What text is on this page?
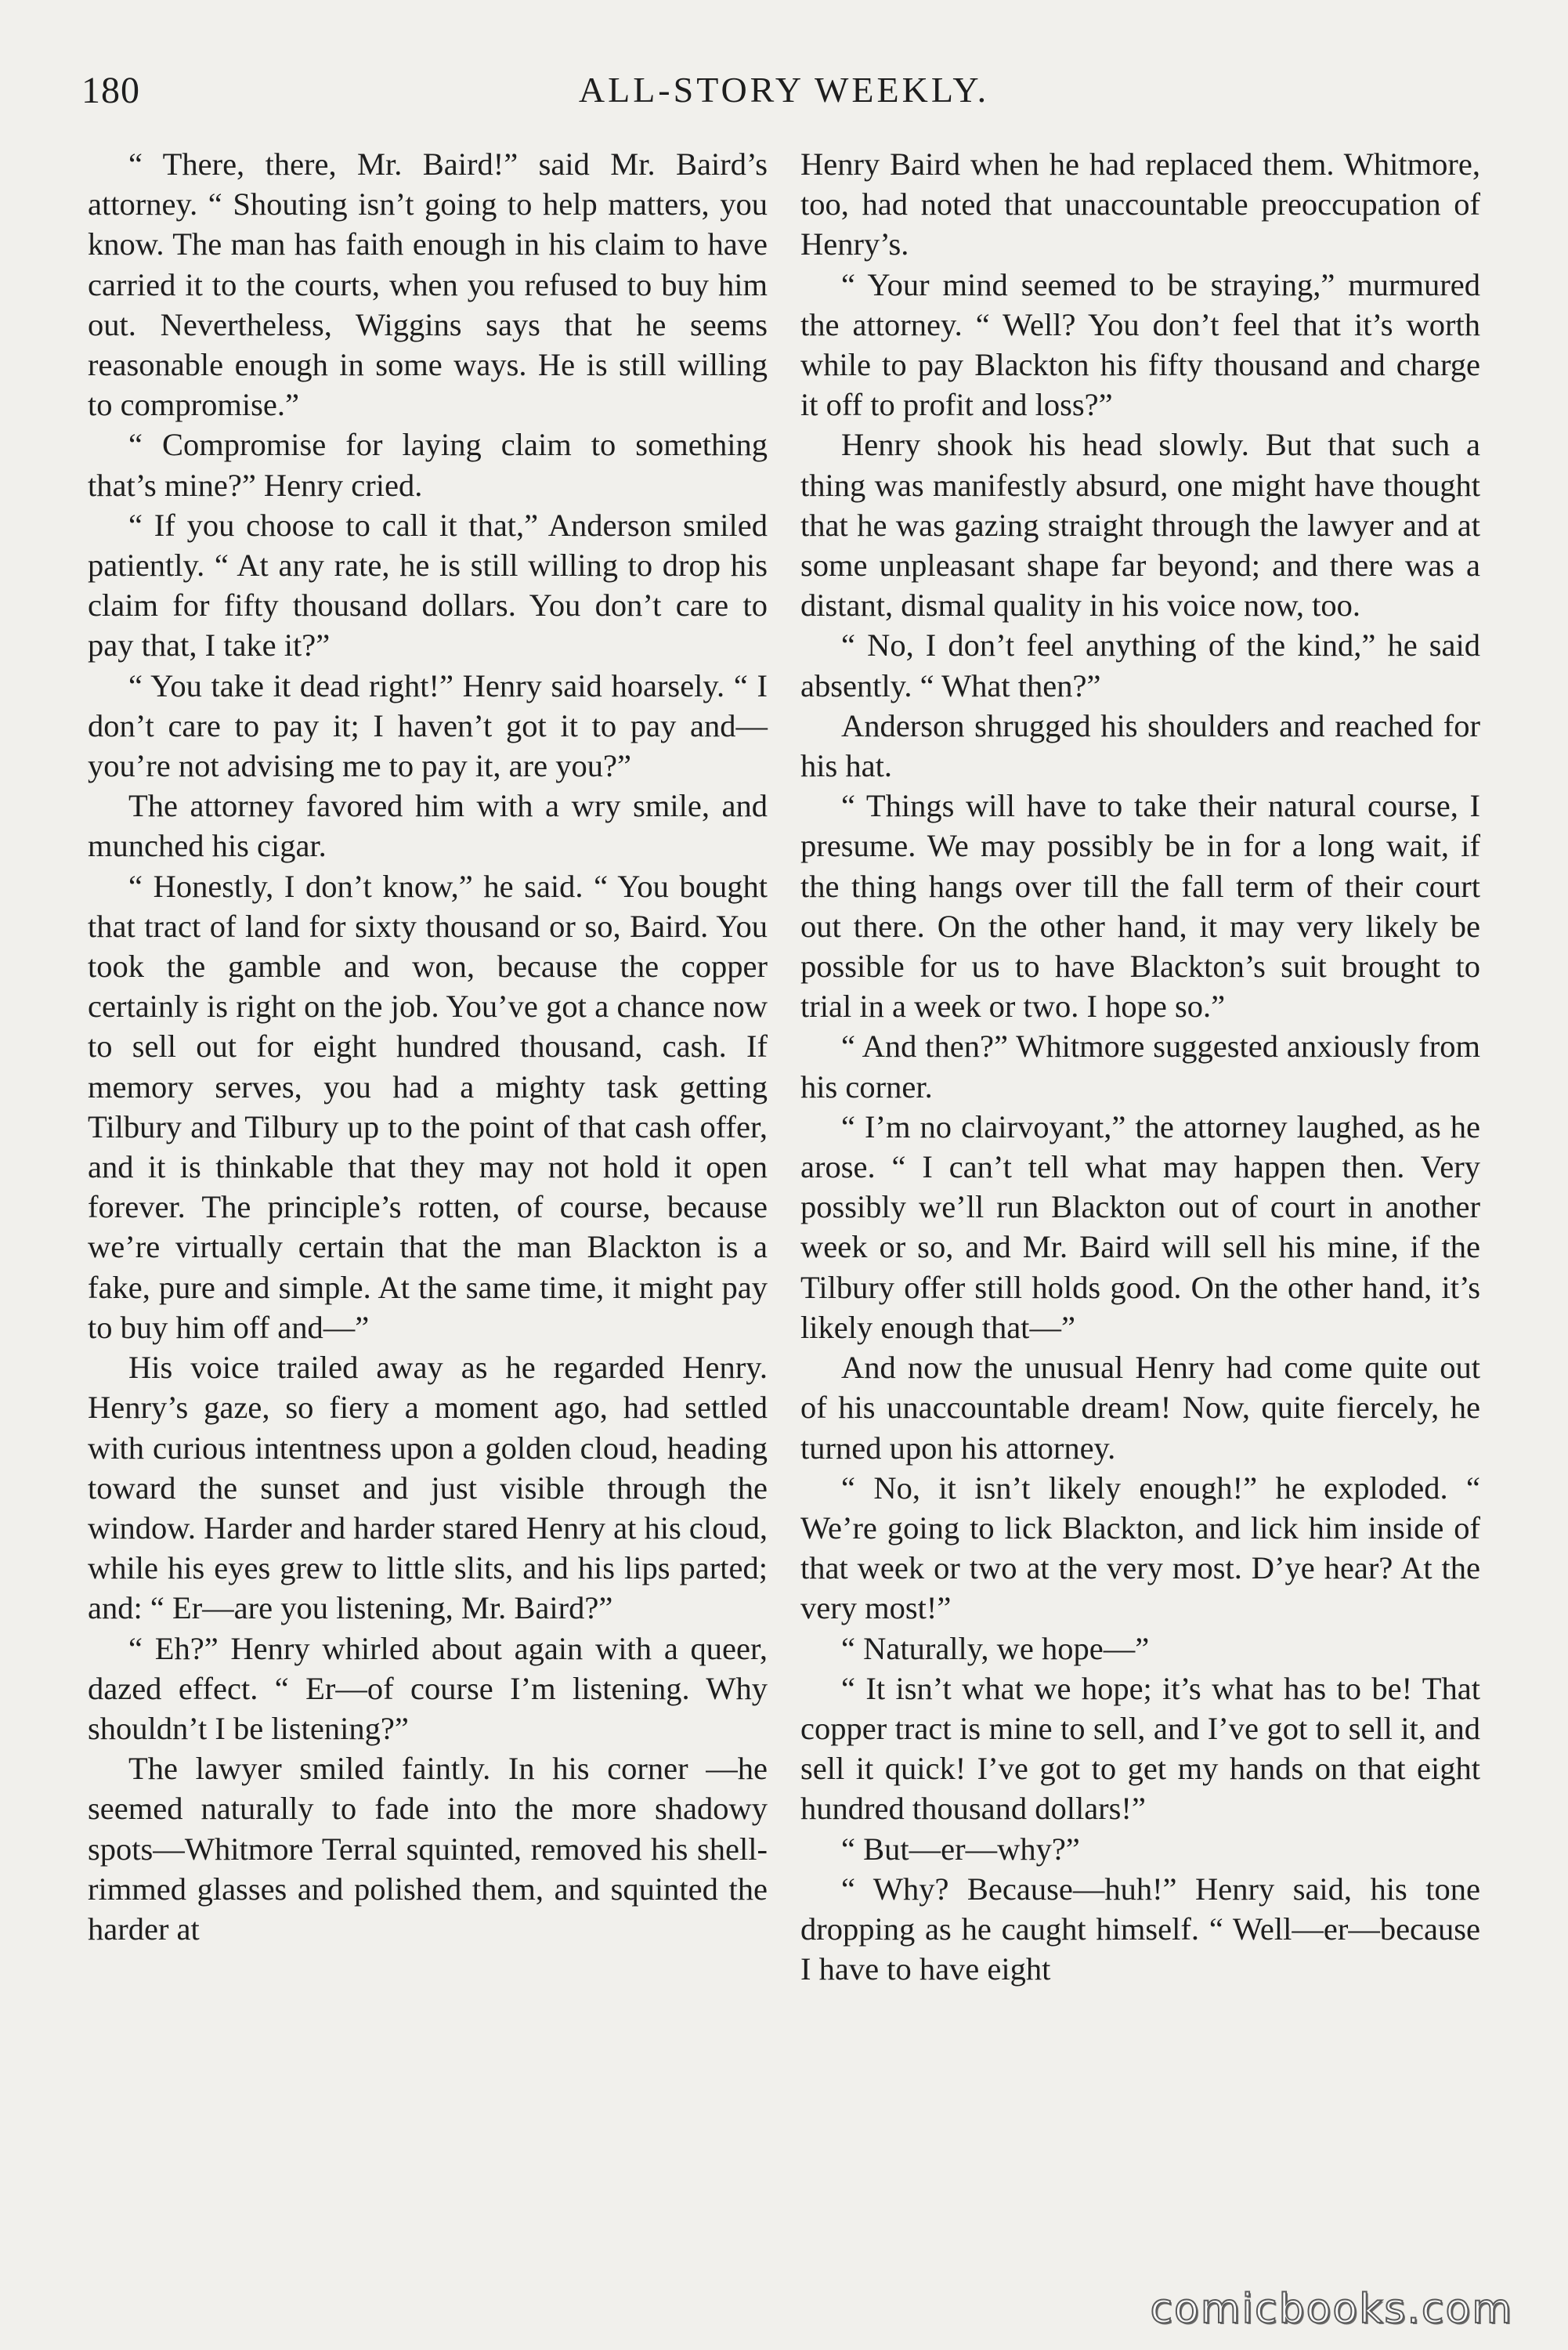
180	ALL-STORY WEEKLY.

“ There, there, Mr. Baird!” said Mr. Baird’s attorney. “ Shouting isn’t going to help matters, you know. The man has faith enough in his claim to have carried it to the courts, when you refused to buy him out. Nevertheless, Wiggins says that he seems reasonable enough in some ways. He is still willing to compromise.”

“ Compromise for laying claim to something that’s mine?” Henry cried.

“ If you choose to call it that,” Anderson smiled patiently. “ At any rate, he is still willing to drop his claim for fifty thousand dollars. You don’t care to pay that, I take it?”

“ You take it dead right!” Henry said hoarsely. “ I don’t care to pay it; I haven’t got it to pay and—you’re not advising me to pay it, are you?”

The attorney favored him with a wry smile, and munched his cigar.

“ Honestly, I don’t know,” he said. “ You bought that tract of land for sixty thousand or so, Baird. You took the gamble and won, because the copper certainly is right on the job. You’ve got a chance now to sell out for eight hundred thousand, cash. If memory serves, you had a mighty task getting Tilbury and Tilbury up to the point of that cash offer, and it is thinkable that they may not hold it open forever. The principle’s rotten, of course, because we’re virtually certain that the man Blackton is a fake, pure and simple. At the same time, it might pay to buy him off and—”

His voice trailed away as he regarded Henry. Henry’s gaze, so fiery a moment ago, had settled with curious intentness upon a golden cloud, heading toward the sunset and just visible through the window. Harder and harder stared Henry at his cloud, while his eyes grew to little slits, and his lips parted; and: “ Er—are you listening, Mr. Baird?”

“ Eh?” Henry whirled about again with a queer, dazed effect. “ Er—of course I’m listening. Why shouldn’t I be listening?”

The lawyer smiled faintly. In his corner —he seemed naturally to fade into the more shadowy spots—Whitmore Terral squinted, removed his shell-rimmed glasses and polished them, and squinted the harder at

Henry Baird when he had replaced them. Whitmore, too, had noted that unaccountable preoccupation of Henry’s.

“ Your mind seemed to be straying,” murmured the attorney. “ Well? You don’t feel that it’s worth while to pay Blackton his fifty thousand and charge it off to profit and loss?”

Henry shook his head slowly. But that such a thing was manifestly absurd, one might have thought that he was gazing straight through the lawyer and at some unpleasant shape far beyond; and there was a distant, dismal quality in his voice now, too.

“ No, I don’t feel anything of the kind,” he said absently. “ What then?”

Anderson shrugged his shoulders and reached for his hat.

“ Things will have to take their natural course, I presume. We may possibly be in for a long wait, if the thing hangs over till the fall term of their court out there. On the other hand, it may very likely be possible for us to have Blackton’s suit brought to trial in a week or two. I hope so.”

“ And then?” Whitmore suggested anxiously from his corner.

“ I’m no clairvoyant,” the attorney laughed, as he arose. “ I can’t tell what may happen then. Very possibly we’ll run Blackton out of court in another week or so, and Mr. Baird will sell his mine, if the Tilbury offer still holds good. On the other hand, it’s likely enough that—”

And now the unusual Henry had come quite out of his unaccountable dream! Now, quite fiercely, he turned upon his attorney.

“ No, it isn’t likely enough!” he exploded. “ We’re going to lick Blackton, and lick him inside of that week or two at the very most. D’ye hear? At the very most!”

“ Naturally, we hope—”

“ It isn’t what we hope; it’s what has to be! That copper tract is mine to sell, and I’ve got to sell it, and sell it quick! I’ve got to get my hands on that eight hundred thousand dollars!”

“ But—er—why?”

“ Why? Because—huh!” Henry said, his tone dropping as he caught himself. “ Well—er—because I have to have eight

comicbooks.com
